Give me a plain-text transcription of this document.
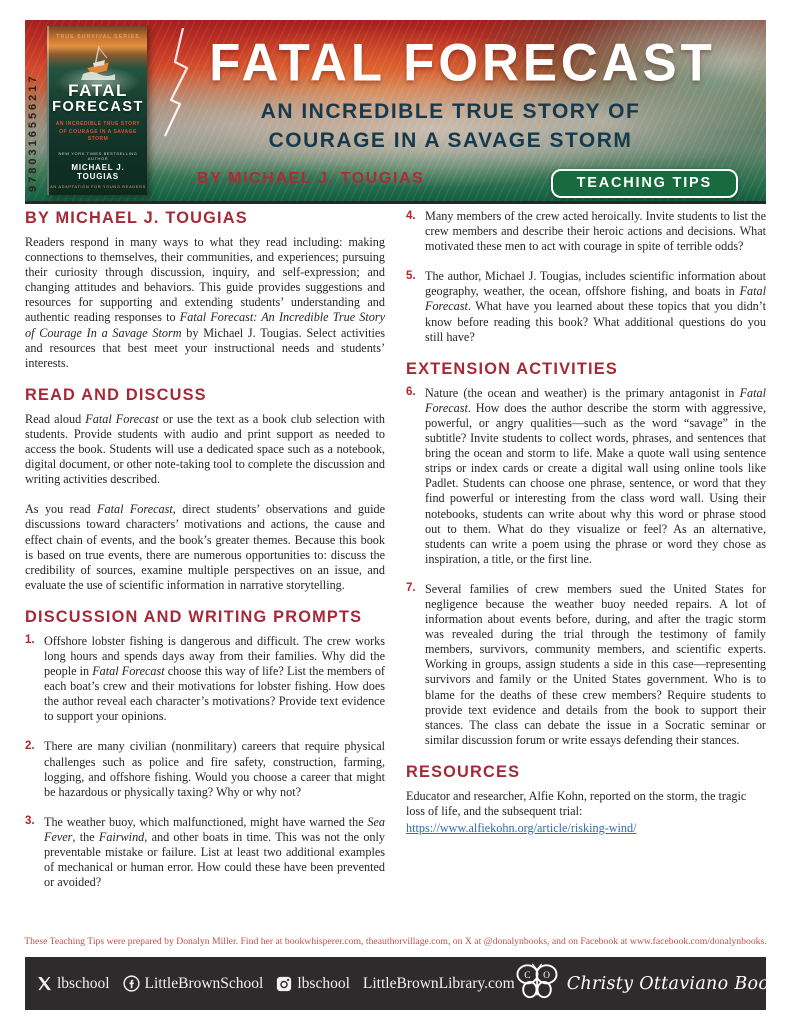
9780316556217
TRUE SURVIVAL SERIES
FATAL
FORECAST
AN INCREDIBLE TRUE STORY OF COURAGE IN A SAVAGE STORM
NEW YORK TIMES BESTSELLING AUTHOR
MICHAEL J. TOUGIAS
AN ADAPTATION FOR YOUNG READERS
FATAL FORECAST
AN INCREDIBLE TRUE STORY OF
COURAGE IN A SAVAGE STORM
BY MICHAEL J. TOUGIAS	TEACHING TIPS
BY MICHAEL J. TOUGIAS

Readers respond in many ways to what they read including: making connections to themselves, their communities, and experiences; pursuing their curiosity through discussion, inquiry, and self-expression; and changing attitudes and behaviors. This guide provides suggestions and resources for supporting and extending students’ understanding and authentic reading responses to Fatal Forecast: An Incredible True Story of Courage In a Savage Storm by Michael J. Tougias. Select activities and resources that best meet your instructional needs and students’ interests.

READ AND DISCUSS

Read aloud Fatal Forecast or use the text as a book club selection with students. Provide students with audio and print support as needed to access the book. Students will use a dedicated space such as a notebook, digital document, or other note-taking tool to complete the discussion and writing activities described.

As you read Fatal Forecast, direct students’ observations and guide discussions toward characters’ motivations and actions, the cause and effect chain of events, and the book’s greater themes. Because this book is based on true events, there are numerous opportunities to: discuss the credibility of sources, examine multiple perspectives on an issue, and evaluate the use of scientific information in narrative storytelling.

DISCUSSION AND WRITING PROMPTS
1. Offshore lobster fishing is dangerous and difficult. The crew works long hours and spends days away from their families. Why did the people in Fatal Forecast choose this way of life? List the members of each boat’s crew and their motivations for lobster fishing. How does the author reveal each character’s motivations? Provide text evidence to support your opinions.
2. There are many civilian (nonmilitary) careers that require physical challenges such as police and fire safety, construction, farming, logging, and offshore fishing. Would you choose a career that might be hazardous or physically taxing? Why or why not?
3. The weather buoy, which malfunctioned, might have warned the Sea Fever, the Fairwind, and other boats in time. This was not the only preventable mistake or failure. List at least two additional examples of mechanical or human error. How could these have been prevented or avoided?
4. Many members of the crew acted heroically. Invite students to list the crew members and describe their heroic actions and decisions. What motivated these men to act with courage in spite of terrible odds?
5. The author, Michael J. Tougias, includes scientific information about geography, weather, the ocean, offshore fishing, and boats in Fatal Forecast. What have you learned about these topics that you didn’t know before reading this book? What additional questions do you still have?
EXTENSION ACTIVITIES
6. Nature (the ocean and weather) is the primary antagonist in Fatal Forecast. How does the author describe the storm with aggressive, powerful, or angry qualities—such as the word “savage” in the subtitle? Invite students to collect words, phrases, and sentences that bring the ocean and storm to life. Make a quote wall using sentence strips or index cards or create a digital wall using online tools like Padlet. Students can choose one phrase, sentence, or word that they find powerful or interesting from the class word wall. Using their notebooks, students can write about why this word or phrase stood out to them. What do they visualize or feel? As an alternative, students can write a poem using the phrase or word they chose as inspiration, a title, or the first line.
7. Several families of crew members sued the United States for negligence because the weather buoy needed repairs. A lot of information about events before, during, and after the tragic storm was revealed during the trial through the testimony of family members, survivors, community members, and scientific experts. Working in groups, assign students a side in this case—representing survivors and family or the United States government. Who is to blame for the deaths of these crew members? Require students to provide text evidence and details from the book to support their stances. The class can debate the issue in a Socratic seminar or similar discussion forum or write essays defending their stances.
RESOURCES

Educator and researcher, Alfie Kohn, reported on the storm, the tragic loss of life, and the subsequent trial:

https://www.alfiekohn.org/article/risking-wind/
These Teaching Tips were prepared by Donalyn Miller. Find her at bookwhisperer.com, theauthorvillage.com, on X at @donalynbooks, and on Facebook at www.facebook.com/donalynbooks.
lbschool LittleBrownSchool lbschool LittleBrownLibrary.com C O Christy Ottaviano Books
